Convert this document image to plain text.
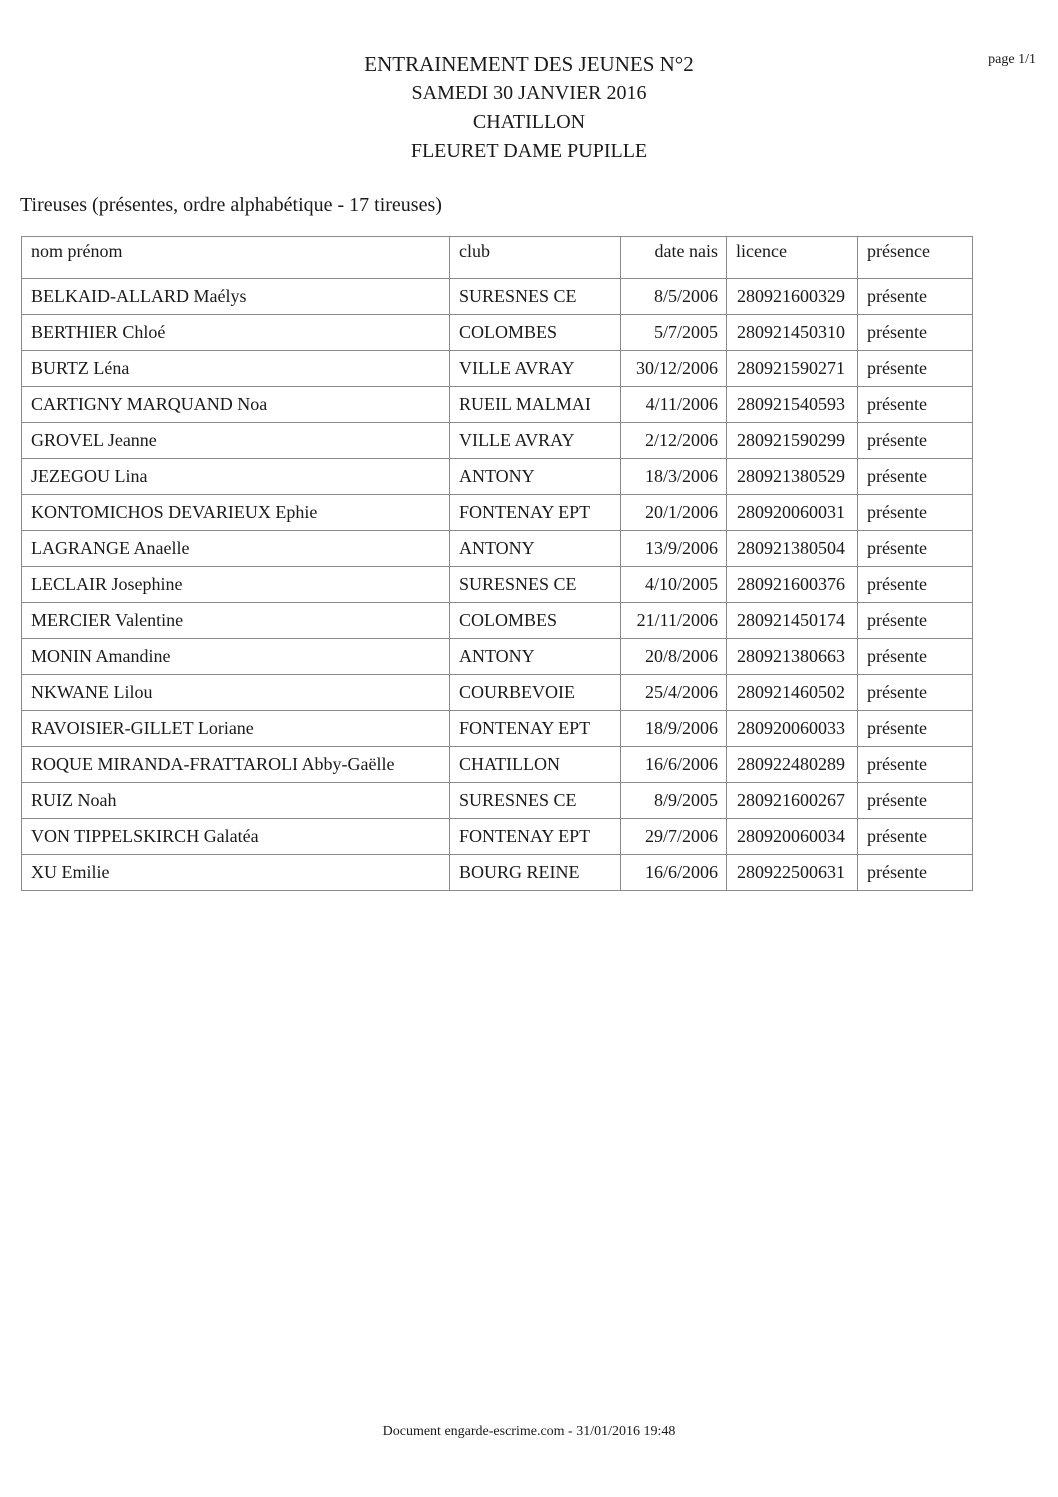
page 1/1
ENTRAINEMENT DES JEUNES N°2
SAMEDI 30 JANVIER 2016
CHATILLON
FLEURET DAME PUPILLE
Tireuses (présentes, ordre alphabétique - 17 tireuses)
nom prénom	club	date nais	licence	présence
BELKAID-ALLARD Maélys	SURESNES CE	8/5/2006	280921600329	présente
BERTHIER Chloé	COLOMBES	5/7/2005	280921450310	présente
BURTZ Léna	VILLE AVRAY	30/12/2006	280921590271	présente
CARTIGNY MARQUAND Noa	RUEIL MALMAI	4/11/2006	280921540593	présente
GROVEL Jeanne	VILLE AVRAY	2/12/2006	280921590299	présente
JEZEGOU Lina	ANTONY	18/3/2006	280921380529	présente
KONTOMICHOS DEVARIEUX Ephie	FONTENAY EPT	20/1/2006	280920060031	présente
LAGRANGE Anaelle	ANTONY	13/9/2006	280921380504	présente
LECLAIR Josephine	SURESNES CE	4/10/2005	280921600376	présente
MERCIER Valentine	COLOMBES	21/11/2006	280921450174	présente
MONIN Amandine	ANTONY	20/8/2006	280921380663	présente
NKWANE Lilou	COURBEVOIE	25/4/2006	280921460502	présente
RAVOISIER-GILLET Loriane	FONTENAY EPT	18/9/2006	280920060033	présente
ROQUE MIRANDA-FRATTAROLI Abby-Gaëlle	CHATILLON	16/6/2006	280922480289	présente
RUIZ Noah	SURESNES CE	8/9/2005	280921600267	présente
VON TIPPELSKIRCH Galatéa	FONTENAY EPT	29/7/2006	280920060034	présente
XU Emilie	BOURG REINE	16/6/2006	280922500631	présente
Document engarde-escrime.com - 31/01/2016 19:48
